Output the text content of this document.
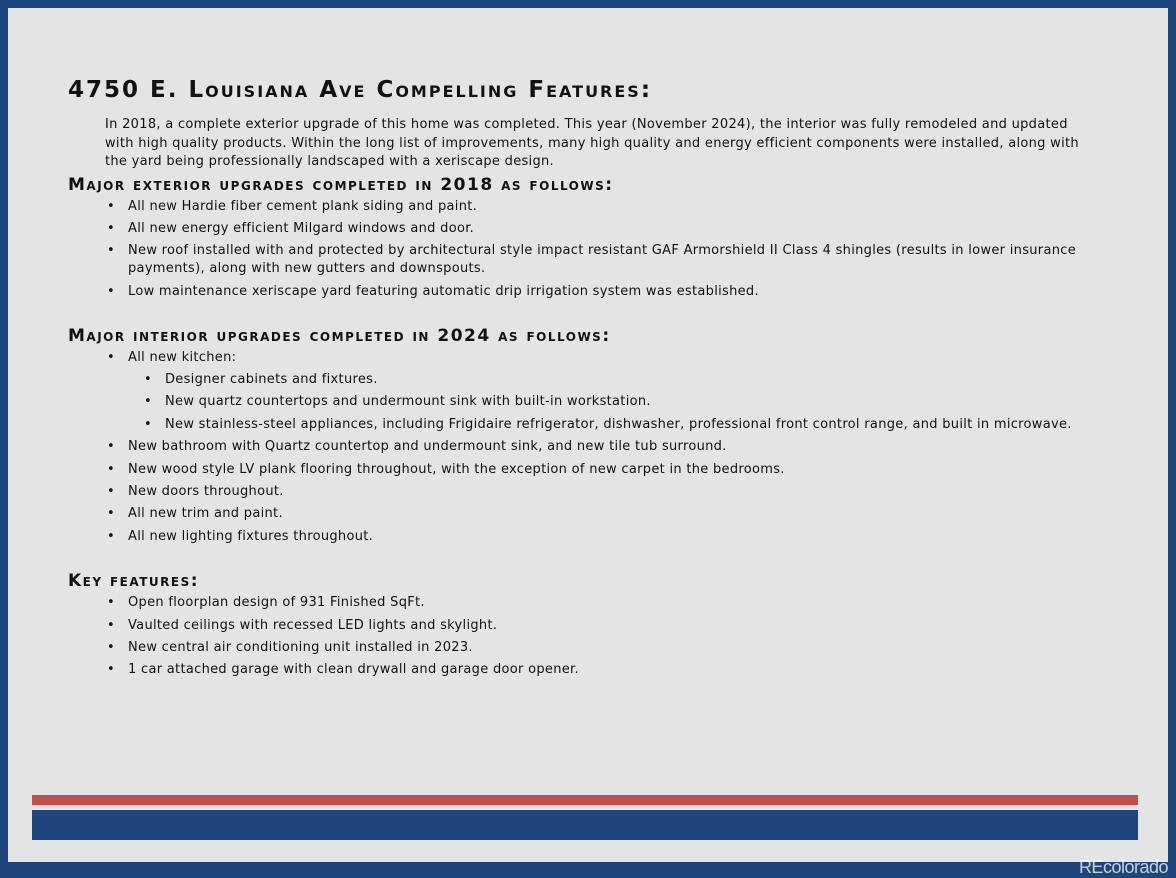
4750 E. Louisiana Ave Compelling Features:

In 2018, a complete exterior upgrade of this home was completed. This year (November 2024), the interior was fully remodeled and updated with high quality products. Within the long list of improvements, many high quality and energy efficient components were installed, along with the yard being professionally landscaped with a xeriscape design.

Major exterior upgrades completed in 2018 as follows:
• All new Hardie fiber cement plank siding and paint.
• All new energy efficient Milgard windows and door.
• New roof installed with and protected by architectural style impact resistant GAF Armorshield II Class 4 shingles (results in lower insurance payments), along with new gutters and downspouts.
• Low maintenance xeriscape yard featuring automatic drip irrigation system was established.
Major interior upgrades completed in 2024 as follows:
• All new kitchen:
• Designer cabinets and fixtures.
• New quartz countertops and undermount sink with built-in workstation.
• New stainless-steel appliances, including Frigidaire refrigerator, dishwasher, professional front control range, and built in microwave.
• New bathroom with Quartz countertop and undermount sink, and new tile tub surround.
• New wood style LV plank flooring throughout, with the exception of new carpet in the bedrooms.
• New doors throughout.
• All new trim and paint.
• All new lighting fixtures throughout.
Key features:
• Open floorplan design of 931 Finished SqFt.
• Vaulted ceilings with recessed LED lights and skylight.
• New central air conditioning unit installed in 2023.
• 1 car attached garage with clean drywall and garage door opener.
REcolorado
